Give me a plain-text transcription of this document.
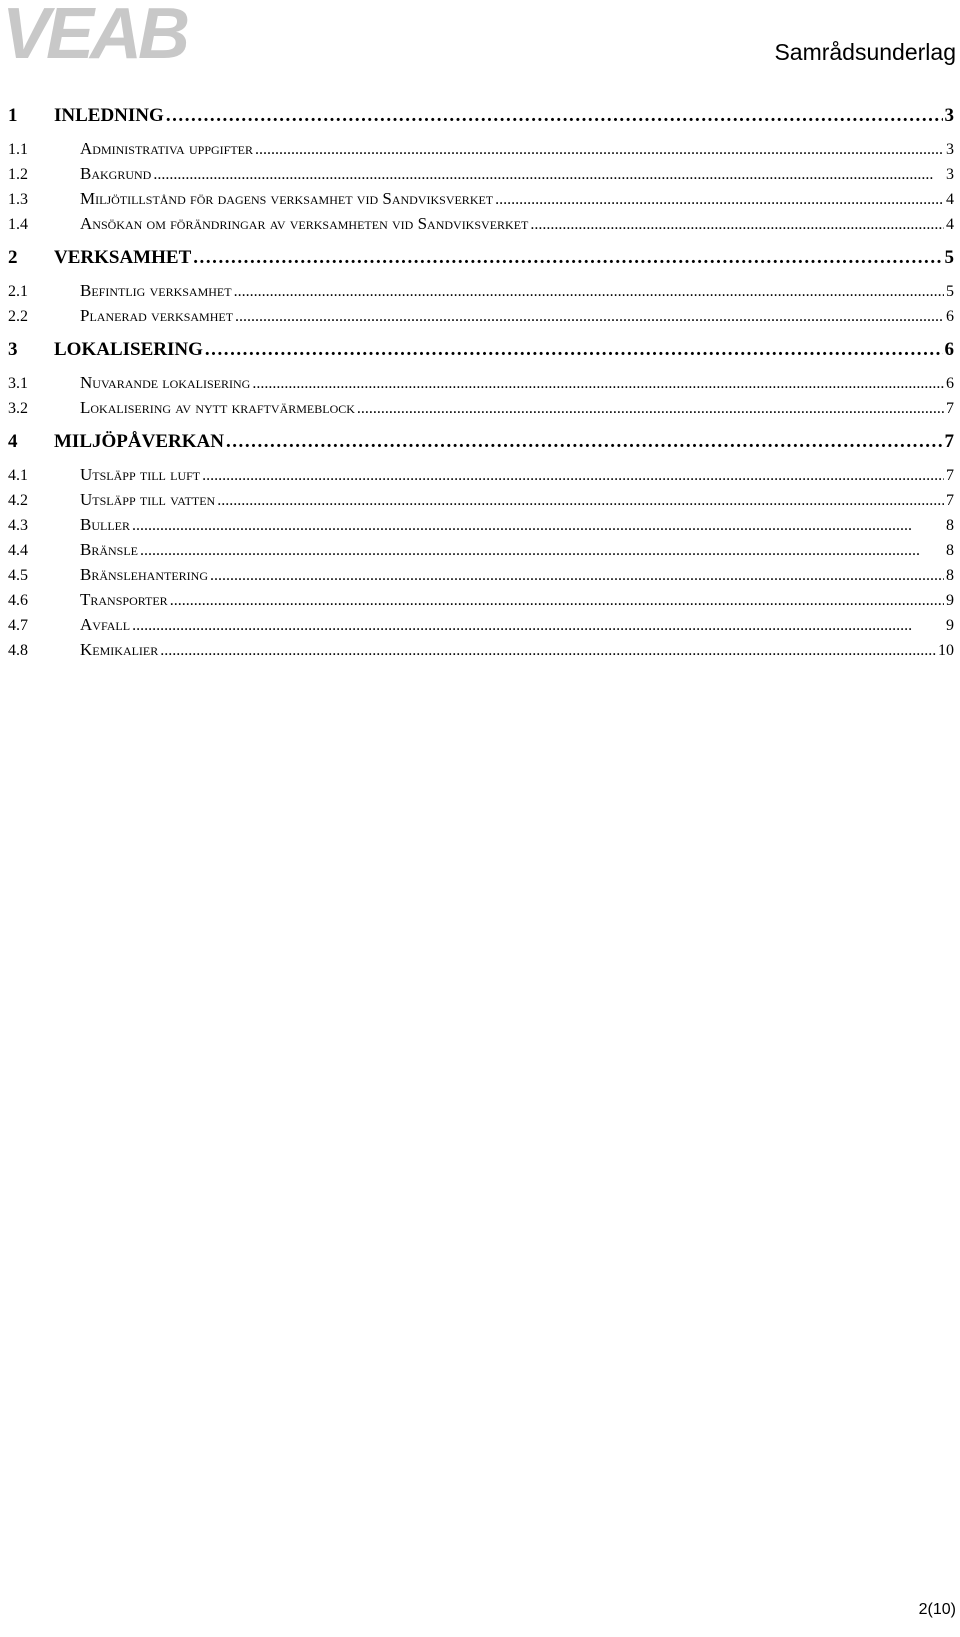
VEAB	Samrådsunderlag
1	INLEDNING . . .	3
1.1	Administrativa uppgifter . . .	3
1.2	Bakgrund . . .	3
1.3	Miljötillstånd för dagens verksamhet vid Sandviksverket . . .	4
1.4	Ansökan om förändringar av verksamheten vid Sandviksverket . . .	4
2	VERKSAMHET . . .	5
2.1	Befintlig verksamhet . . .	5
2.2	Planerad verksamhet . . .	6
3	LOKALISERING . . .	6
3.1	Nuvarande lokalisering . . .	6
3.2	Lokalisering av nytt kraftvärmeblock . . .	7
4	MILJÖPÅVERKAN . . .	7
4.1	Utsläpp till luft . . .	7
4.2	Utsläpp till vatten . . .	7
4.3	Buller . . .	8
4.4	Bränsle . . .	8
4.5	Bränslehantering . . .	8
4.6	Transporter . . .	9
4.7	Avfall . . .	9
4.8	Kemikalier . . .	10
2(10)
